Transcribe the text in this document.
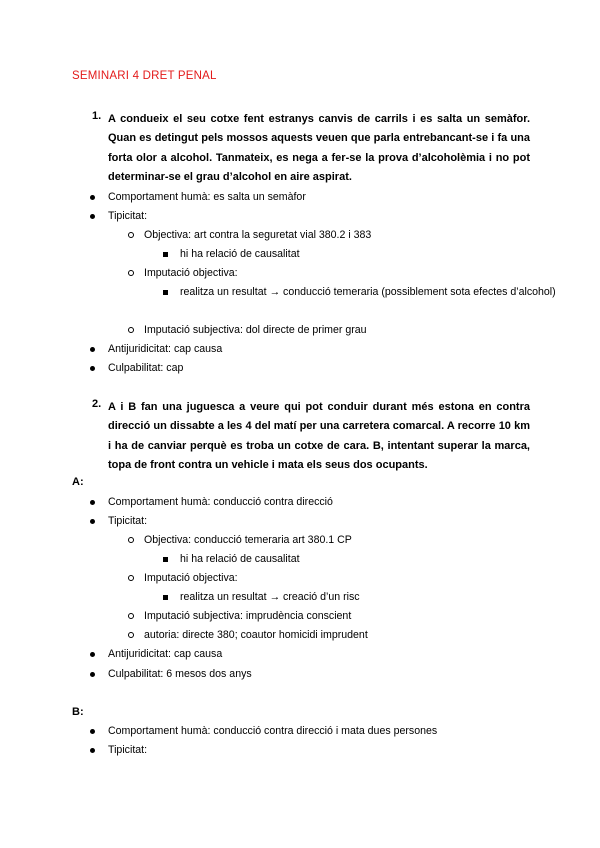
SEMINARI 4 DRET PENAL
1. A condueix el seu cotxe fent estranys canvis de carrils i es salta un semàfor. Quan es detingut pels mossos aquests veuen que parla entrebancant-se i fa una forta olor a alcohol. Tanmateix, es nega a fer-se la prova d’alcoholèmia i no pot determinar-se el grau d’alcohol en aire aspirat.
Comportament humà: es salta un semàfor
Tipicitat:
Objectiva: art contra la seguretat vial 380.2 i 383
hi ha relació de causalitat
Imputació objectiva:
realitza un resultat → conducció temeraria (possiblement sota efectes d’alcohol)
Imputació subjectiva: dol directe de primer grau
Antijuridicitat: cap causa
Culpabilitat: cap
2. A i B fan una juguesca a veure qui pot conduir durant més estona en contra direcció un dissabte a les 4 del matí per una carretera comarcal. A recorre 10 km i ha de canviar perquè es troba un cotxe de cara. B, intentant superar la marca, topa de front contra un vehicle i mata els seus dos ocupants.
A:
Comportament humà: conducció contra direcció
Tipicitat:
Objectiva: conducció temeraria art 380.1 CP
hi ha relació de causalitat
Imputació objectiva:
realitza un resultat → creació d’un risc
Imputació subjectiva: imprudència conscient
autoria: directe 380; coautor homicidi imprudent
Antijuridicitat: cap causa
Culpabilitat: 6 mesos dos anys
B:
Comportament humà: conducció contra direcció i mata dues persones
Tipicitat:
